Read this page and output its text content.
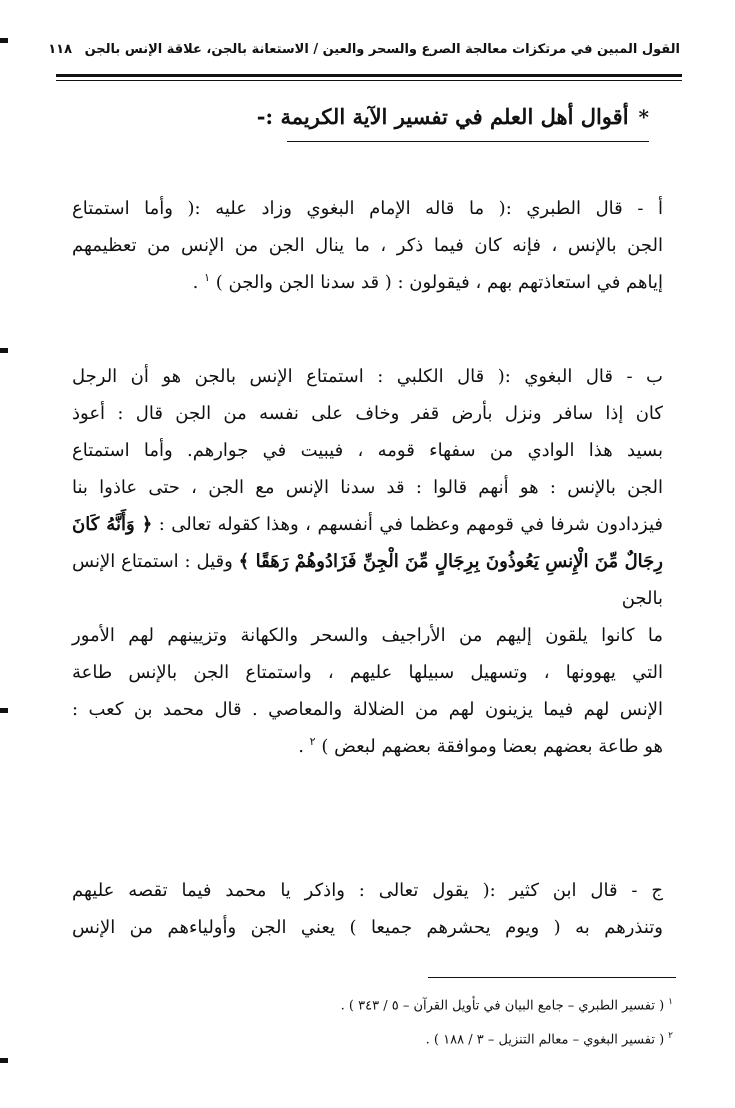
القول المبين في مرتكزات معالجة الصرع والسحر والعين / الاستعانة بالجن، علاقة الإنس بالجن ١١٨
*أقوال أهل العلم في تفسير الآية الكريمة :-
أ - قال الطبري :( ما قاله الإمام البغوي وزاد عليه :( وأما استمتاع
الجن بالإنس ، فإنه كان فيما ذكر ، ما ينال الجن من الإنس من تعظيمهم
إياهم في استعاذتهم بهم ، فيقولون : ( قد سدنا الجن والجن ) $^١$ .
ب - قال البغوي :( قال الكلبي : استمتاع الإنس بالجن هو أن الرجل
كان إذا سافر ونزل بأرض قفر وخاف على نفسه من الجن قال : أعوذ
بسيد هذا الوادي من سفهاء قومه ، فيبيت في جوارهم. وأما استمتاع
الجن بالإنس : هو أنهم قالوا : قد سدنا الإنس مع الجن ، حتى عاذوا بنا
فيزدادون شرفا في قومهم وعظما في أنفسهم ، وهذا كقوله تعالى : ﴿ وَأَنَّهُ كَانَ رِجَالٌ مِّنَ الْإِنسِ يَعُوذُونَ بِرِجَالٍ مِّنَ الْجِنِّ فَزَادُوهُمْ رَهَقًا ﴾ وقيل : استمتاع الإنس بالجن
ما كانوا يلقون إليهم من الأراجيف والسحر والكهانة وتزيينهم لهم الأمور
التي يهوونها ، وتسهيل سبيلها عليهم ، واستمتاع الجن بالإنس طاعة
الإنس لهم فيما يزينون لهم من الضلالة والمعاصي . قال محمد بن كعب :
هو طاعة بعضهم بعضا وموافقة بعضهم لبعض ) $^٢$ .
ج - قال ابن كثير :( يقول تعالى : واذكر يا محمد فيما تقصه عليهم
وتنذرهم به ( ويوم يحشرهم جميعا ) يعني الجن وأولياءهم من الإنس
$^١$( تفسير الطبري – جامع البيان في تأويل القرآن – ٥ / ٣٤٣ ) .
$^٢$( تفسير البغوي – معالم التنزيل – ٣ / ١٨٨ ) .
